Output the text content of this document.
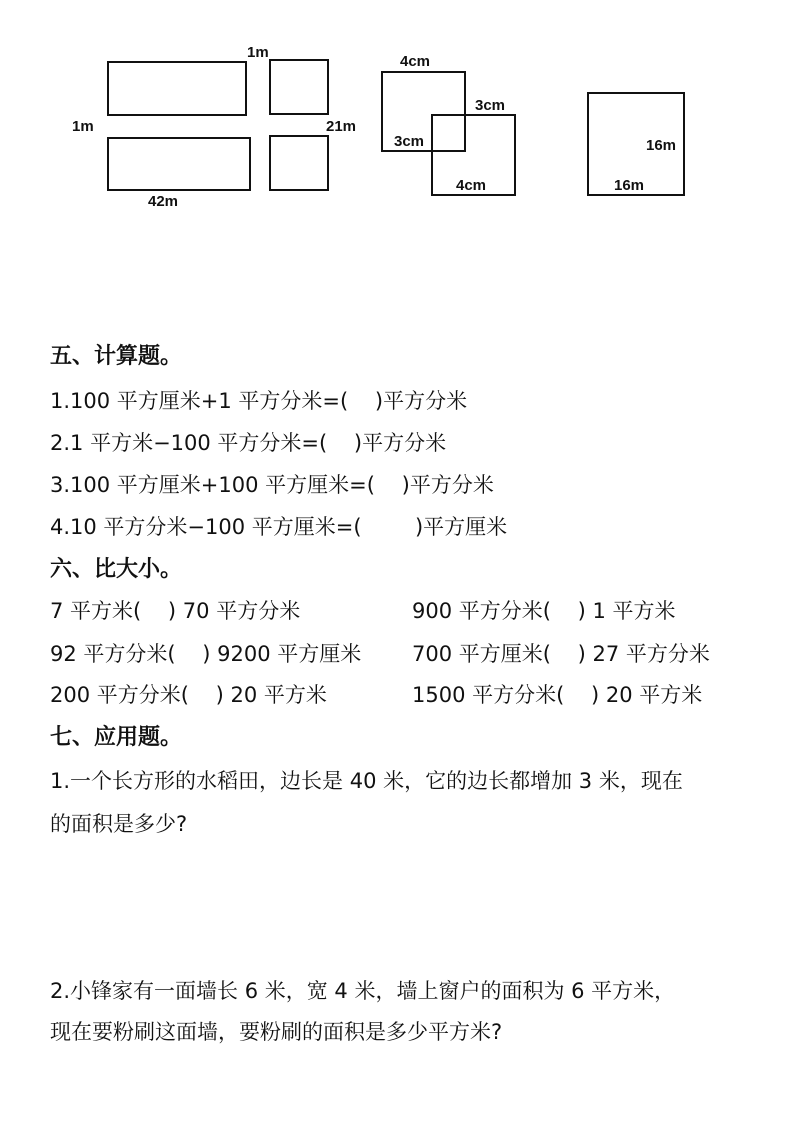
1m
1m	21m
42m
4cm
3cm
3cm
4cm
16m
16m
五、计算题。
1.100 平方厘米+1 平方分米=(    )平方分米
2.1 平方米−100 平方分米=(    )平方分米
3.100 平方厘米+100 平方厘米=(    )平方分米
4.10 平方分米−100 平方厘米=(        )平方厘米
六、比大小。
7 平方米(    ) 70 平方分米	900 平方分米(    ) 1 平方米
92 平方分米(    ) 9200 平方厘米 700 平方厘米(    ) 27 平方分米
200 平方分米(    ) 20 平方米	1500 平方分米(    ) 20 平方米
七、应用题。
1.一个长方形的水稻田，边长是 40 米，它的边长都增加 3 米，现在
的面积是多少?
2.小锋家有一面墙长 6 米，宽 4 米，墙上窗户的面积为 6 平方米，
现在要粉刷这面墙，要粉刷的面积是多少平方米?
